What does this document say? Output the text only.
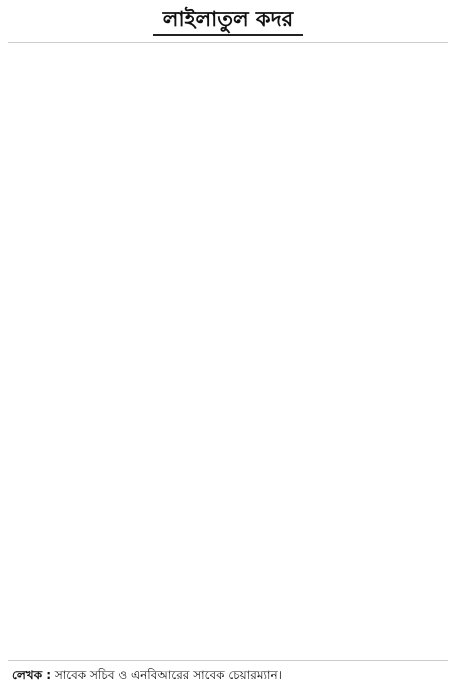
লাইলাতুল কদর
লেখক : সাবেক সচিব ও এনবিআরের সাবেক চেয়ারম্যান।
